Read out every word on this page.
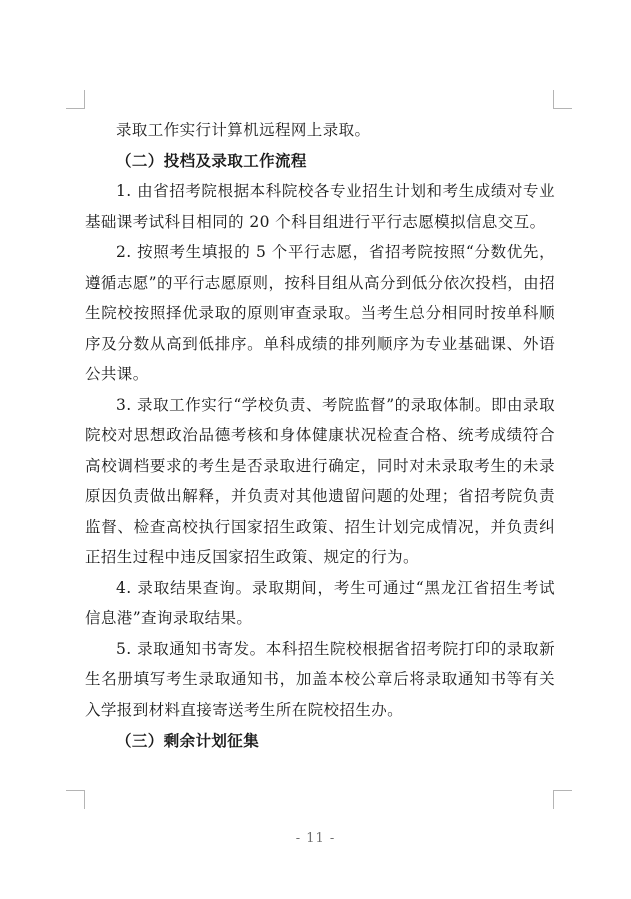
录取工作实行计算机远程网上录取。

（二）投档及录取工作流程

1. 由省招考院根据本科院校各专业招生计划和考生成绩对专业基础课考试科目相同的 20 个科目组进行平行志愿模拟信息交互。

2. 按照考生填报的 5 个平行志愿，省招考院按照“分数优先，遵循志愿”的平行志愿原则，按科目组从高分到低分依次投档，由招生院校按照择优录取的原则审查录取。当考生总分相同时按单科顺序及分数从高到低排序。单科成绩的排列顺序为专业基础课、外语公共课。

3. 录取工作实行“学校负责、考院监督”的录取体制。即由录取院校对思想政治品德考核和身体健康状况检查合格、统考成绩符合高校调档要求的考生是否录取进行确定，同时对未录取考生的未录原因负责做出解释，并负责对其他遗留问题的处理；省招考院负责监督、检查高校执行国家招生政策、招生计划完成情况，并负责纠正招生过程中违反国家招生政策、规定的行为。

4. 录取结果查询。录取期间，考生可通过“黑龙江省招生考试信息港”查询录取结果。

5. 录取通知书寄发。本科招生院校根据省招考院打印的录取新生名册填写考生录取通知书，加盖本校公章后将录取通知书等有关入学报到材料直接寄送考生所在院校招生办。

（三）剩余计划征集

- 11 -
